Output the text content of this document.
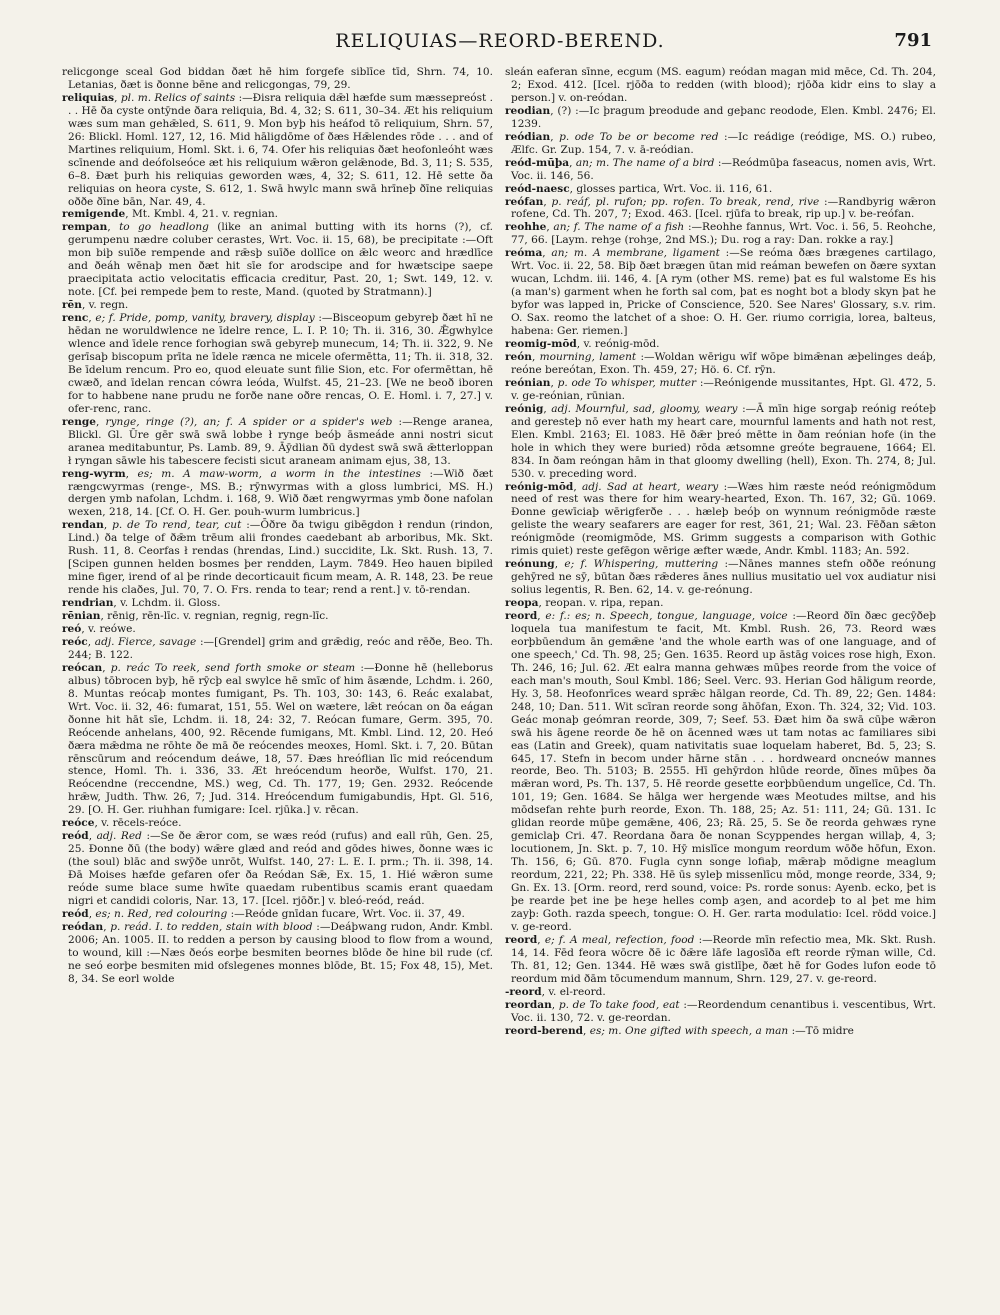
RELIQUIAS—REORD-BEREND.	791

relicgonge sceal God biddan ðæt hē him forgefe siblīce tīd, Shrn. 74, 10. Letanias, ðæt is ðonne bēne and relicgongas, 79, 29.

reliquias, pl. m. Relics of saints :—Ðisra reliquia dǣl hæfde sum mæssepreóst . . . Hē ða cyste ontȳnde ðara reliquia, Bd. 4, 32; S. 611, 30–34. Æt his reliquium wæs sum man gehǣled, S. 611, 9. Mon byþ his heáfod tō reliquium, Shrn. 57, 26: Blickl. Homl. 127, 12, 16. Mid hāligdōme of ðæs Hǣlendes rōde . . . and of Martines reliquium, Homl. Skt. i. 6, 74. Ofer his reliquias ðæt heofonleóht wæs scīnende and deófolseóce æt his reliquium wǣron gelǣnode, Bd. 3, 11; S. 535, 6–8. Ðæt þurh his reliquias geworden wæs, 4, 32; S. 611, 12. Hē sette ða reliquias on heora cyste, S. 612, 1. Swā hwylc mann swā hrīneþ ðīne reliquias oððe ðīne bān, Nar. 49, 4.

remigende, Mt. Kmbl. 4, 21. v. regnian.

rempan, to go headlong (like an animal butting with its horns (?), cf. gerumpenu nædre coluber cerastes, Wrt. Voc. ii. 15, 68), be precipitate :—Oft mon biþ suīðe rempende and rǣsþ suīðe dollīce on ǣlc weorc and hrædlīce and ðeáh wēnaþ men ðæt hit sīe for arodscipe and for hwætscipe saepe praecipitata actio velocitatis efficacia creditur, Past. 20, 1; Swt. 149, 12. v. note. [Cf. þei rempede þem to reste, Mand. (quoted by Stratmann).]

rēn, v. regn.

renc, e; f. Pride, pomp, vanity, bravery, display :—Bisceopum gebyreþ ðæt hī ne hēdan ne woruldwlence ne īdelre rence, L. I. P. 10; Th. ii. 316, 30. Ǣgwhylce wlence and īdele rence forhogian swā gebyreþ munecum, 14; Th. ii. 322, 9. Ne gerīsaþ biscopum prīta ne īdele rænca ne micele ofermētta, 11; Th. ii. 318, 32. Be īdelum rencum. Pro eo, quod eleuate sunt filie Sion, etc. For ofermēttan, hē cwæð, and īdelan rencan cówra leóda, Wulfst. 45, 21–23. [We ne beoð iboren for to habbene nane prudu ne forðe nane oðre rencas, O. E. Homl. i. 7, 27.] v. ofer-renc, ranc.

renge, rynge, ringe (?), an; f. A spider or a spider's web :—Renge aranea, Blickl. Gl. Ūre gēr swā swā lobbe ł rynge beóþ āsmeáde anni nostri sicut aranea meditabuntur, Ps. Lamb. 89, 9. Āȳdlian ðū dydest swā swā ǣtterloppan ł ryngan sāwle his tabescere fecisti sicut araneam animam ejus, 38, 13.

reng-wyrm, es; m. A maw-worm, a worm in the intestines :—Wið ðæt rængcwyrmas (renge-, MS. B.; rȳnwyrmas with a gloss lumbrici, MS. H.) dergen ymb nafolan, Lchdm. i. 168, 9. Wið ðæt rengwyrmas ymb ðone nafolan wexen, 218, 14. [Cf. O. H. Ger. pouh-wurm lumbricus.]

rendan, p. de To rend, tear, cut :—Ōðre ða twigu gibēgdon ł rendun (rindon, Lind.) ða telge of ðǣm trēum alii frondes caedebant ab arboribus, Mk. Skt. Rush. 11, 8. Ceorfas ł rendas (hrendas, Lind.) succidite, Lk. Skt. Rush. 13, 7. [Scipen gunnen helden bosmes þer rendden, Laym. 7849. Heo hauen bipiled mine figer, irend of al þe rinde decorticauit ficum meam, A. R. 148, 23. Þe reue rende his claðes, Jul. 70, 7. O. Frs. renda to tear; rend a rent.] v. tō-rendan.

rendrian, v. Lchdm. ii. Gloss.

rēnian, rēnig, rēn-līc. v. regnian, regnig, regn-līc.

reó, v. reówe.

reóc, adj. Fierce, savage :—[Grendel] grim and grǣdig, reóc and rēðe, Beo. Th. 244; B. 122.

reócan, p. reác To reek, send forth smoke or steam :—Ðonne hē (helleborus albus) tōbrocen byþ, hē rȳcþ eal swylce hē smīc of him āsænde, Lchdm. i. 260, 8. Muntas reócaþ montes fumigant, Ps. Th. 103, 30: 143, 6. Reác exalabat, Wrt. Voc. ii. 32, 46: fumarat, 151, 55. Wel on wætere, lǣt reócan on ða eágan ðonne hit hāt sīe, Lchdm. ii. 18, 24: 32, 7. Reócan fumare, Germ. 395, 70. Reócende anhelans, 400, 92. Rēcende fumigans, Mt. Kmbl. Lind. 12, 20. Heó ðæra mǣdma ne rōhte ðe mā ðe reócendes meoxes, Homl. Skt. i. 7, 20. Būtan rēnscūrum and reócendum deáwe, 18, 57. Ðæs hreóflian līc mid reócendum stence, Homl. Th. i. 336, 33. Æt hreócendum heorðe, Wulfst. 170, 21. Reócendne (reccendne, MS.) weg, Cd. Th. 177, 19; Gen. 2932. Reócende hrǣw, Judth. Thw. 26, 7; Jud. 314. Hreócendum fumigabundis, Hpt. Gl. 516, 29. [O. H. Ger. riuhhan fumigare: Icel. rjūka.] v. rēcan.

reóce, v. rēcels-reóce.

reód, adj. Red :—Se ðe ǣror com, se wæs reód (rufus) and eall rūh, Gen. 25, 25. Ðonne ðū (the body) wǣre glæd and reód and gōdes hiwes, ðonne wæs ic (the soul) blāc and swȳðe unrōt, Wulfst. 140, 27: L. E. I. prm.; Th. ii. 398, 14. Ðā Moises hæfde gefaren ofer ða Reódan Sǣ, Ex. 15, 1. Hié wǣron sume reóde sume blace sume hwīte quaedam rubentibus scamis erant quaedam nigri et candidi coloris, Nar. 13, 17. [Icel. rjōðr.] v. bleó-reód, reád.

reód, es; n. Red, red colouring :—Reóde gnīdan fucare, Wrt. Voc. ii. 37, 49.

reódan, p. reád. I. to redden, stain with blood :—Deáþwang rudon, Andr. Kmbl. 2006; An. 1005. II. to redden a person by causing blood to flow from a wound, to wound, kill :—Næs ðeós eorþe besmiten beornes blōde ðe hine bil rude (cf. ne seó eorþe besmiten mid ofslegenes monnes blōde, Bt. 15; Fox 48, 15), Met. 8, 34. Se eorl wolde

sleán eaferan sīnne, ecgum (MS. eagum) reódan magan mid mēce, Cd. Th. 204, 2; Exod. 412. [Icel. rjōða to redden (with blood); rjōða kidr eins to slay a person.] v. on-reódan.

reodian, (?) :—Ic þragum þreodude and geþanc reodode, Elen. Kmbl. 2476; El. 1239.

reódian, p. ode To be or become red :—Ic reádige (reódige, MS. O.) rubeo, Ælfc. Gr. Zup. 154, 7. v. ā-reódian.

reód-mūþa, an; m. The name of a bird :—Reódmūþa faseacus, nomen avis, Wrt. Voc. ii. 146, 56.

reód-naesc, glosses partica, Wrt. Voc. ii. 116, 61.

reófan, p. reáf, pl. rufon; pp. rofen. To break, rend, rive :—Randbyrig wǣron rofene, Cd. Th. 207, 7; Exod. 463. [Icel. rjūfa to break, rip up.] v. be-reófan.

reohhe, an; f. The name of a fish :—Reohhe fannus, Wrt. Voc. i. 56, 5. Reohche, 77, 66. [Laym. rehȝe (rohȝe, 2nd MS.); Du. rog a ray: Dan. rokke a ray.]

reóma, an; m. A membrane, ligament :—Se reóma ðæs brægenes cartilago, Wrt. Voc. ii. 22, 58. Biþ ðæt brægen ūtan mid reáman bewefen on ðære syxtan wucan, Lchdm. iii. 146, 4. [A rym (other MS. reme) þat es ful walstome Es his (a man's) garment when he forth sal com, þat es noght bot a blody skyn þat he byfor was lapped in, Pricke of Conscience, 520. See Nares' Glossary, s.v. rim. O. Sax. reomo the latchet of a shoe: O. H. Ger. riumo corrigia, lorea, balteus, habena: Ger. riemen.]

reomig-mōd, v. reónig-mōd.

reón, mourning, lament :—Woldan wērigu wīf wōpe bimǣnan æþelinges deáþ, reóne bereótan, Exon. Th. 459, 27; Hö. 6. Cf. rȳn.

reónian, p. ode To whisper, mutter :—Reónigende mussitantes, Hpt. Gl. 472, 5. v. ge-reónian, rūnian.

reónig, adj. Mournful, sad, gloomy, weary :—Ā mīn hige sorgaþ reónig reóteþ and geresteþ nō ever hath my heart care, mournful laments and hath not rest, Elen. Kmbl. 2163; El. 1083. Hē ðǣr þreó mētte in ðam reónian hofe (in the hole in which they were buried) rōda ætsomne greóte begrauene, 1664; El. 834. In ðam reóngan hām in that gloomy dwelling (hell), Exon. Th. 274, 8; Jul. 530. v. preceding word.

reónig-mōd, adj. Sad at heart, weary :—Wæs him ræste neód reónigmōdum need of rest was there for him weary-hearted, Exon. Th. 167, 32; Gū. 1069. Ðonne gewīciaþ wērigferðe . . . hæleþ beóþ on wynnum reónigmōde ræste geliste the weary seafarers are eager for rest, 361, 21; Wal. 23. Fēðan sǣton reónigmōde (reomigmōde, MS. Grimm suggests a comparison with Gothic rimis quiet) reste gefēgon wērige æfter wæde, Andr. Kmbl. 1183; An. 592.

reónung, e; f. Whispering, muttering :—Nānes mannes stefn oððe reónung gehȳred ne sȳ, būtan ðæs rǣderes ānes nullius musitatio uel vox audiatur nisi solius legentis, R. Ben. 62, 14. v. ge-reónung.

reopa, reopan. v. ripa, repan.

reord, e: f.: es; n. Speech, tongue, language, voice :—Reord ðīn ðæc gecȳðeþ loquela tua manifestum te facit, Mt. Kmbl. Rush. 26, 73. Reord wæs eorþbūendum ān gemǣne 'and the whole earth was of one language, and of one speech,' Cd. Th. 98, 25; Gen. 1635. Reord up āstāg voices rose high, Exon. Th. 246, 16; Jul. 62. Æt ealra manna gehwæs mūþes reorde from the voice of each man's mouth, Soul Kmbl. 186; Seel. Verc. 93. Herian God hāligum reorde, Hy. 3, 58. Heofonrīces weard sprǣc hālgan reorde, Cd. Th. 89, 22; Gen. 1484: 248, 10; Dan. 511. Wit scīran reorde song āhōfan, Exon. Th. 324, 32; Vid. 103. Geác monaþ geómran reorde, 309, 7; Seef. 53. Ðæt him ða swā cūþe wǣron swā his āgene reorde ðe hē on ācenned wæs ut tam notas ac familiares sibi eas (Latin and Greek), quam nativitatis suae loquelam haberet, Bd. 5, 23; S. 645, 17. Stefn in becom under hārne stān . . . hordweard oncneów mannes reorde, Beo. Th. 5103; B. 2555. Hī gehȳrdon hlūde reorde, ðīnes mūþes ða mǣran word, Ps. Th. 137, 5. Hē reorde gesette eorþbūendum ungelīce, Cd. Th. 101, 19; Gen. 1684. Se hālga wer hergende wæs Meotudes miltse, and his mōdsefan rehte þurh reorde, Exon. Th. 188, 25; Az. 51: 111, 24; Gū. 131. Ic glidan reorde mūþe gemǣne, 406, 23; Rā. 25, 5. Se ðe reorda gehwæs ryne gemiclaþ Cri. 47. Reordana ðara ðe nonan Scyppendes hergan willaþ, 4, 3; locutionem, Jn. Skt. p. 7, 10. Hȳ mislīce mongum reordum wōðe hōfun, Exon. Th. 156, 6; Gū. 870. Fugla cynn songe lofiaþ, mǣraþ mōdigne meaglum reordum, 221, 22; Ph. 338. Hē ūs syleþ missenlīcu mōd, monge reorde, 334, 9; Gn. Ex. 13. [Orm. reord, rerd sound, voice: Ps. rorde sonus: Ayenb. ecko, þet is þe rearde þet ine þe heȝe helles comþ aȝen, and acordeþ to al þet me him zayþ: Goth. razda speech, tongue: O. H. Ger. rarta modulatio: Icel. rödd voice.] v. ge-reord.

reord, e; f. A meal, refection, food :—Reorde mīn refectio mea, Mk. Skt. Rush. 14, 14. Fēd feora wōcre ðē ic ðǣre lāfe lagosīða eft reorde rȳman wille, Cd. Th. 81, 12; Gen. 1344. Hē wæs swā gistlīþe, ðæt hē for Godes lufon eode tō reordum mid ðām tōcumendum mannum, Shrn. 129, 27. v. ge-reord.

-reord, v. el-reord.

reordan, p. de To take food, eat :—Reordendum cenantibus i. vescentibus, Wrt. Voc. ii. 130, 72. v. ge-reordan.

reord-berend, es; m. One gifted with speech, a man :—Tō midre
